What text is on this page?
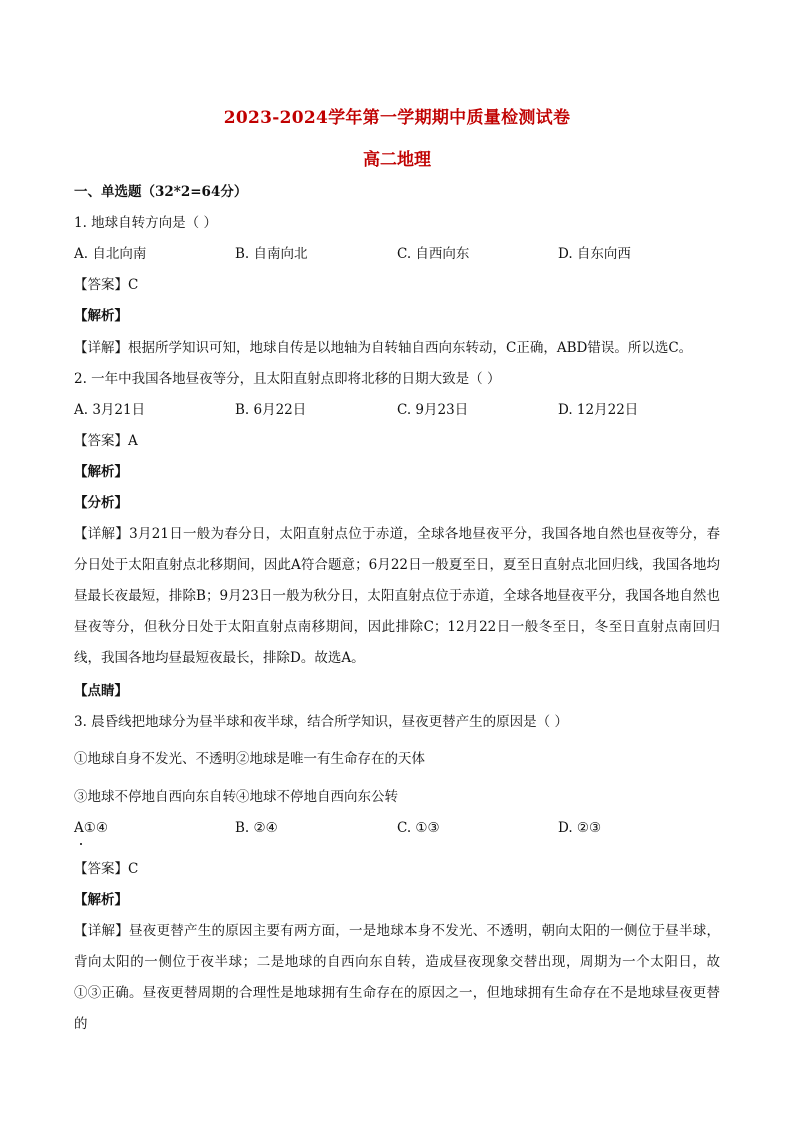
2023-2024学年第一学期期中质量检测试卷
高二地理
一、单选题（32*2=64分）
1. 地球自转方向是（ ）
A. 自北向南	B. 自南向北	C. 自西向东	D. 自东向西
【答案】C
【解析】
【详解】根据所学知识可知，地球自传是以地轴为自转轴自西向东转动，C正确，ABD错误。所以选C。
2. 一年中我国各地昼夜等分，且太阳直射点即将北移的日期大致是（ ）
A. 3月21日	B. 6月22日	C. 9月23日	D. 12月22日
【答案】A
【解析】
【分析】
【详解】3月21日一般为春分日，太阳直射点位于赤道，全球各地昼夜平分，我国各地自然也昼夜等分，春分日处于太阳直射点北移期间，因此A符合题意；6月22日一般夏至日，夏至日直射点北回归线，我国各地均昼最长夜最短，排除B；9月23日一般为秋分日，太阳直射点位于赤道，全球各地昼夜平分，我国各地自然也昼夜等分，但秋分日处于太阳直射点南移期间，因此排除C；12月22日一般冬至日，冬至日直射点南回归线，我国各地均昼最短夜最长，排除D。故选A。
【点睛】
3. 晨昏线把地球分为昼半球和夜半球，结合所学知识，昼夜更替产生的原因是（ ）
①地球自身不发光、不透明②地球是唯一有生命存在的天体
③地球不停地自西向东自转④地球不停地自西向东公转
A①④	B. ②④	C. ①③	D. ②③
【答案】C
【解析】
【详解】昼夜更替产生的原因主要有两方面，一是地球本身不发光、不透明，朝向太阳的一侧位于昼半球，背向太阳的一侧位于夜半球；二是地球的自西向东自转，造成昼夜现象交替出现，周期为一个太阳日，故①③正确。昼夜更替周期的合理性是地球拥有生命存在的原因之一，但地球拥有生命存在不是地球昼夜更替的
